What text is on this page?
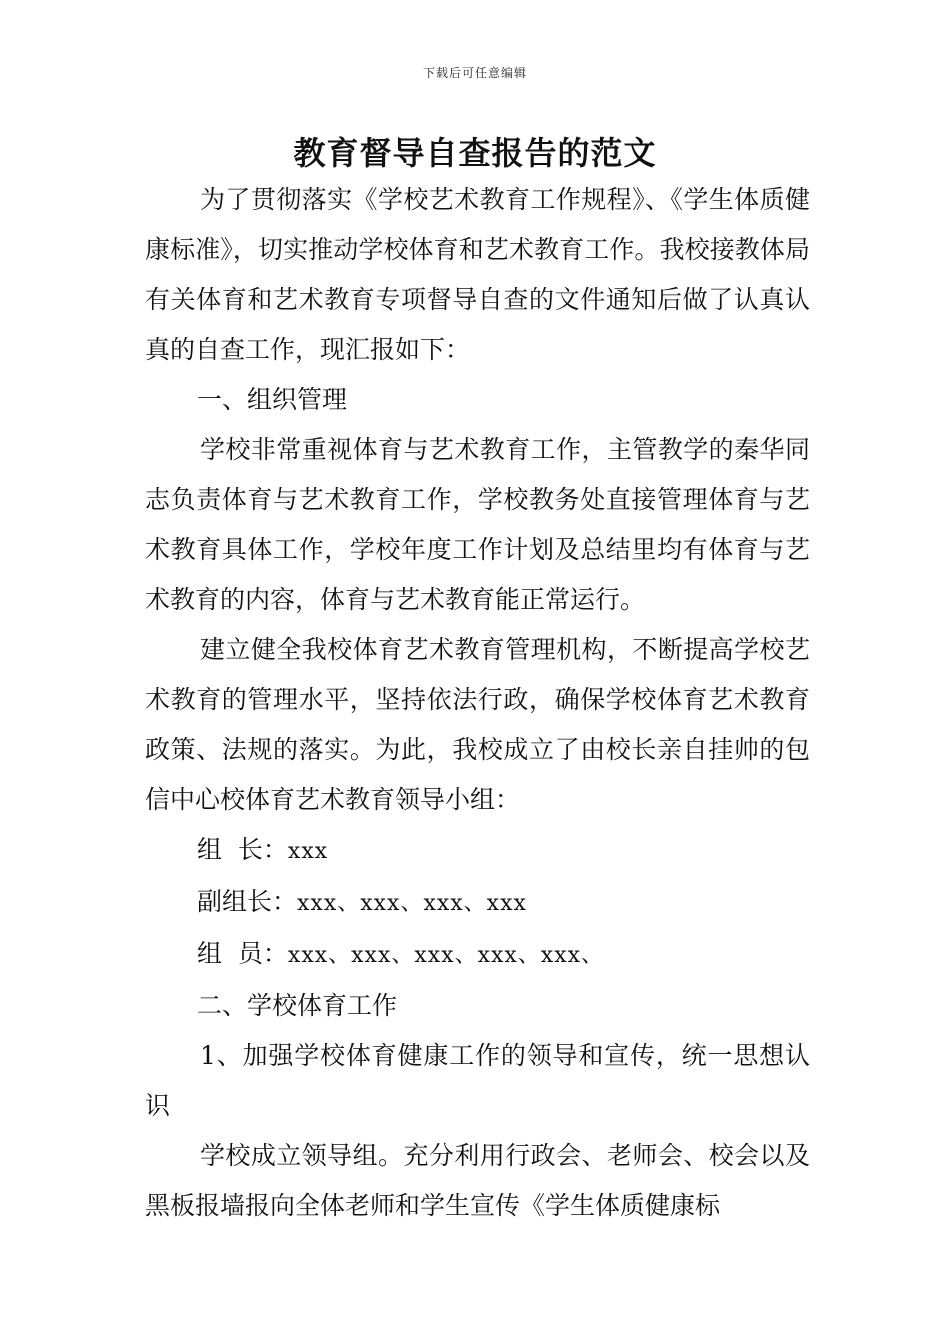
下载后可任意编辑
教育督导自查报告的范文

为了贯彻落实《学校艺术教育工作规程》、《学生体质健康标准》，切实推动学校体育和艺术教育工作。我校接教体局有关体育和艺术教育专项督导自查的文件通知后做了认真认真的自查工作，现汇报如下：

一、组织管理

学校非常重视体育与艺术教育工作，主管教学的秦华同志负责体育与艺术教育工作，学校教务处直接管理体育与艺术教育具体工作，学校年度工作计划及总结里均有体育与艺术教育的内容，体育与艺术教育能正常运行。

建立健全我校体育艺术教育管理机构，不断提高学校艺术教育的管理水平，坚持依法行政，确保学校体育艺术教育政策、法规的落实。为此，我校成立了由校长亲自挂帅的包信中心校体育艺术教育领导小组：

组  长：xxx

副组长：xxx、xxx、xxx、xxx

组  员：xxx、xxx、xxx、xxx、xxx、

二、学校体育工作

1、加强学校体育健康工作的领导和宣传，统一思想认识

学校成立领导组。充分利用行政会、老师会、校会以及黑板报墙报向全体老师和学生宣传《学生体质健康标
